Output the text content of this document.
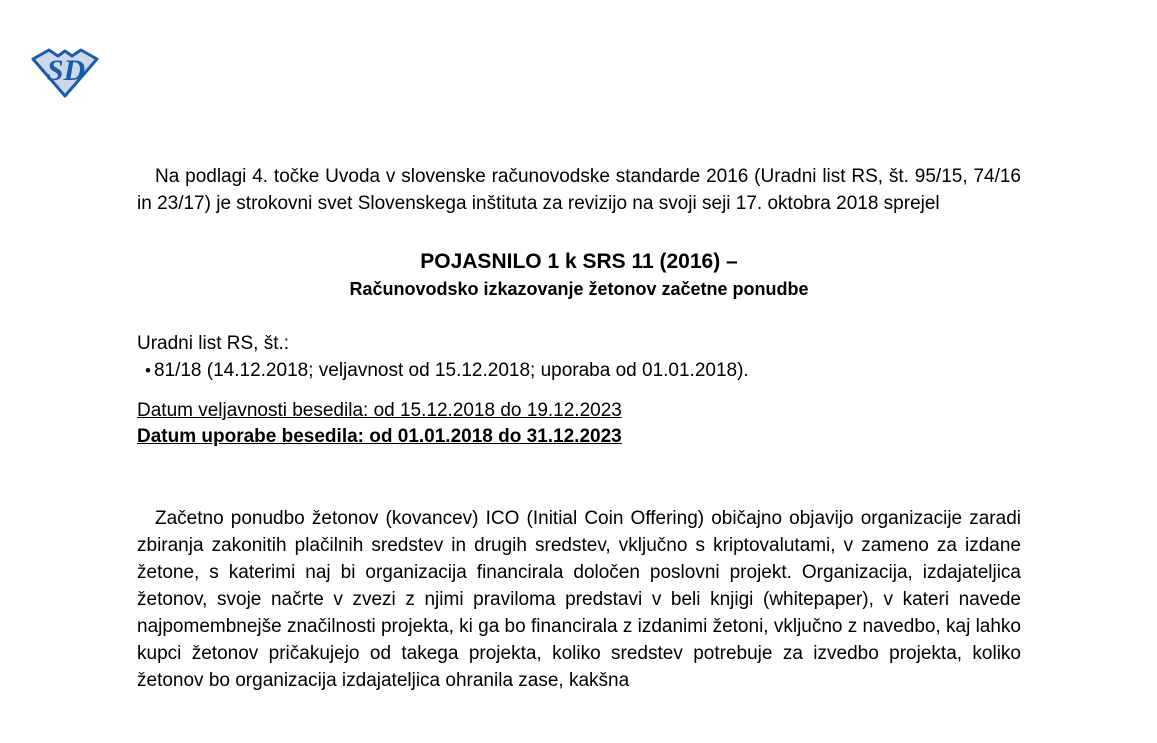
SD

Na podlagi 4. točke Uvoda v slovenske računovodske standarde 2016 (Uradni list RS, št. 95/15, 74/16 in 23/17) je strokovni svet Slovenskega inštituta za revizijo na svoji seji 17. oktobra 2018 sprejel

POJASNILO 1 k SRS 11 (2016) –

Računovodsko izkazovanje žetonov začetne ponudbe

Uradni list RS, št.:

• 81/18 (14.12.2018; veljavnost od 15.12.2018; uporaba od 01.01.2018).

Datum veljavnosti besedila: od 15.12.2018 do 19.12.2023

Datum uporabe besedila: od 01.01.2018 do 31.12.2023

Začetno ponudbo žetonov (kovancev) ICO (Initial Coin Offering) običajno objavijo organizacije zaradi zbiranja zakonitih plačilnih sredstev in drugih sredstev, vključno s kriptovalutami, v zameno za izdane žetone, s katerimi naj bi organizacija financirala določen poslovni projekt. Organizacija, izdajateljica žetonov, svoje načrte v zvezi z njimi praviloma predstavi v beli knjigi (whitepaper), v kateri navede najpomembnejše značilnosti projekta, ki ga bo financirala z izdanimi žetoni, vključno z navedbo, kaj lahko kupci žetonov pričakujejo od takega projekta, koliko sredstev potrebuje za izvedbo projekta, koliko žetonov bo organizacija izdajateljica ohranila zase, kakšna
